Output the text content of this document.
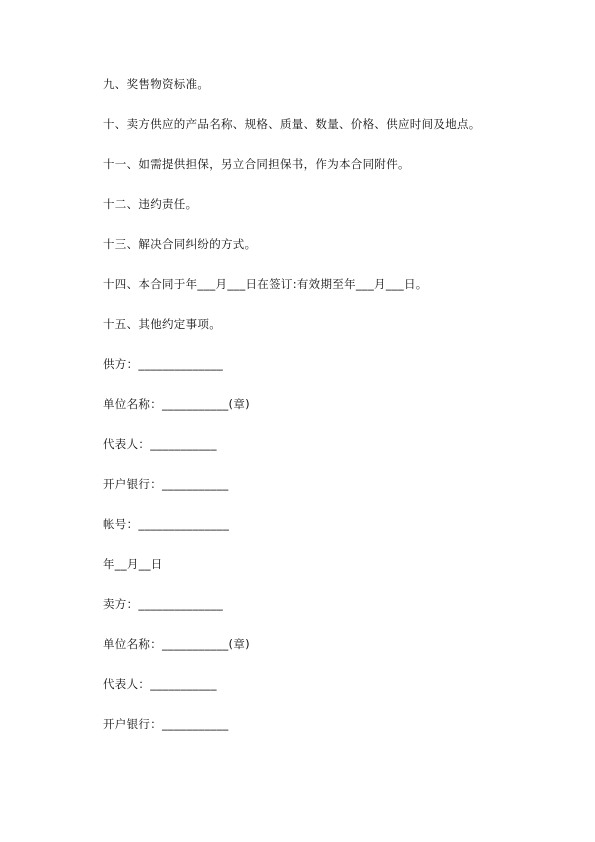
九、奖售物资标准。
十、卖方供应的产品名称、规格、质量、数量、价格、供应时间及地点。
十一、如需提供担保，另立合同担保书，作为本合同附件。
十二、违约责任。
十三、解决合同纠纷的方式。
十四、本合同于年___月___日在签订:有效期至年___月___日。
十五、其他约定事项。
供方：______________
单位名称：___________(章)
代表人：___________
开户银行：___________
帐号：_______________
年__月__日
卖方：______________
单位名称：___________(章)
代表人：___________
开户银行：___________
